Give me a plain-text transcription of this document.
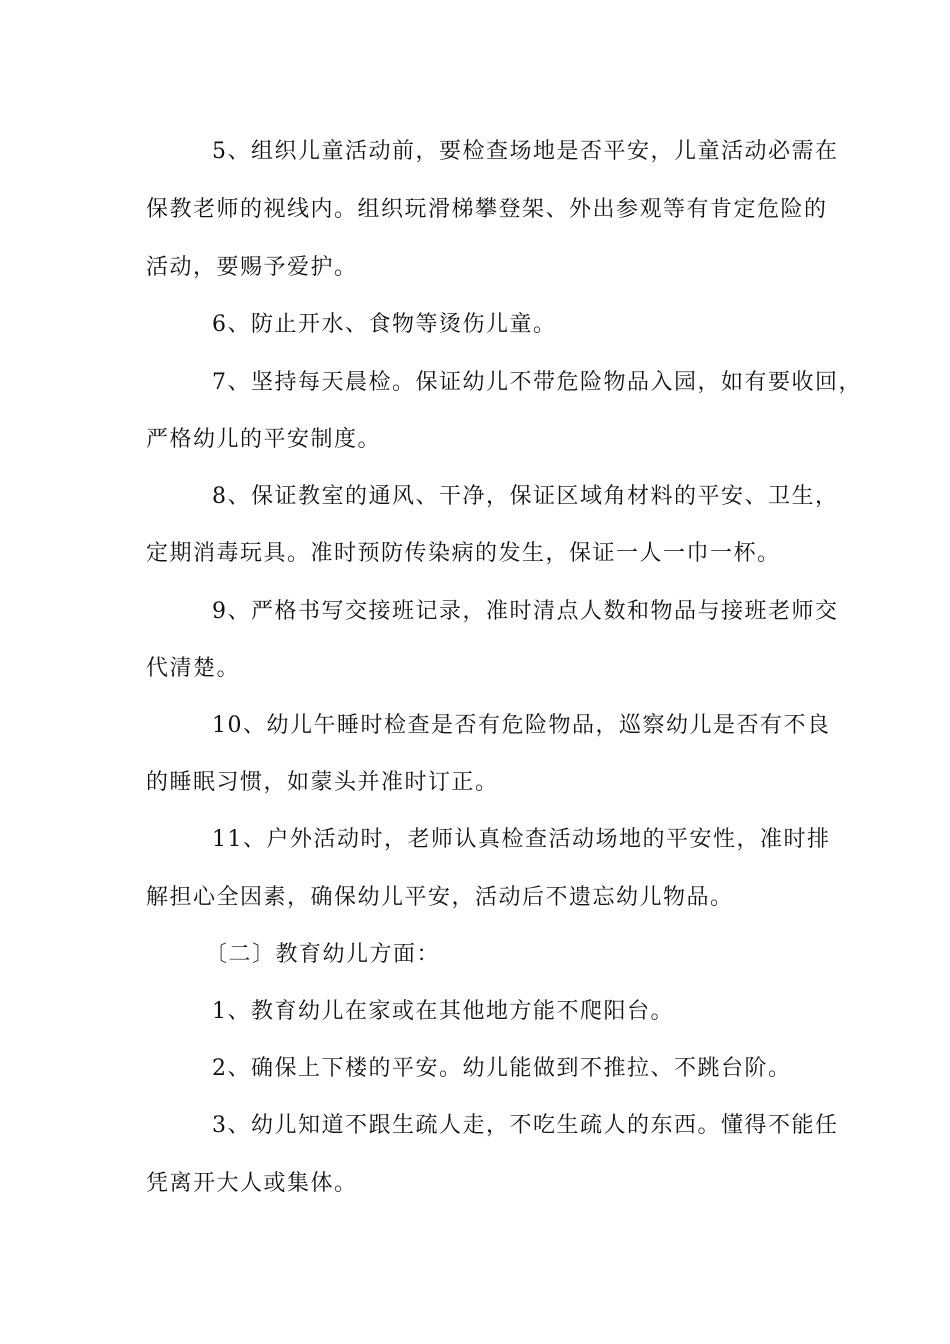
5、组织儿童活动前，要检查场地是否平安，儿童活动必需在
保教老师的视线内。组织玩滑梯攀登架、外出参观等有肯定危险的
活动，要赐予爱护。
6、防止开水、食物等烫伤儿童。
7、坚持每天晨检。保证幼儿不带危险物品入园，如有要收回，
严格幼儿的平安制度。
8、保证教室的通风、干净，保证区域角材料的平安、卫生，
定期消毒玩具。准时预防传染病的发生，保证一人一巾一杯。
9、严格书写交接班记录，准时清点人数和物品与接班老师交
代清楚。
10、幼儿午睡时检查是否有危险物品，巡察幼儿是否有不良
的睡眠习惯，如蒙头并准时订正。
11、户外活动时，老师认真检查活动场地的平安性，准时排
解担心全因素，确保幼儿平安，活动后不遗忘幼儿物品。
〔二〕教育幼儿方面：
1、教育幼儿在家或在其他地方能不爬阳台。
2、确保上下楼的平安。幼儿能做到不推拉、不跳台阶。
3、幼儿知道不跟生疏人走，不吃生疏人的东西。懂得不能任
凭离开大人或集体。
